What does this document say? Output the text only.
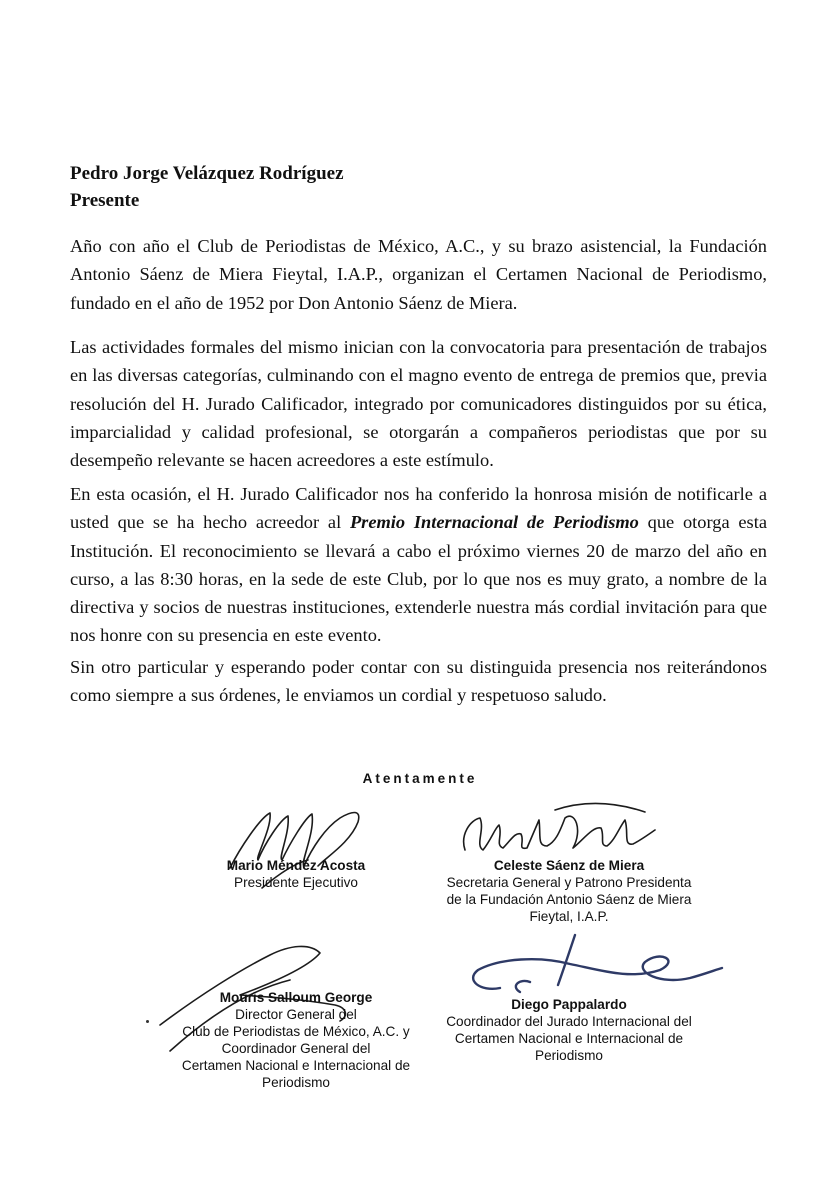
Pedro Jorge Velázquez Rodríguez
Presente

Año con año el Club de Periodistas de México, A.C., y su brazo asistencial, la Fundación Antonio Sáenz de Miera Fieytal, I.A.P., organizan el Certamen Nacional de Periodismo, fundado en el año de 1952 por Don Antonio Sáenz de Miera.

Las actividades formales del mismo inician con la convocatoria para presentación de trabajos en las diversas categorías, culminando con el magno evento de entrega de premios que, previa resolución del H. Jurado Calificador, integrado por comunicadores distinguidos por su ética, imparcialidad y calidad profesional, se otorgarán a compañeros periodistas que por su desempeño relevante se hacen acreedores a este estímulo.

En esta ocasión, el H. Jurado Calificador nos ha conferido la honrosa misión de notificarle a usted que se ha hecho acreedor al Premio Internacional de Periodismo que otorga esta Institución. El reconocimiento se llevará a cabo el próximo viernes 20 de marzo del año en curso, a las 8:30 horas, en la sede de este Club, por lo que nos es muy grato, a nombre de la directiva y socios de nuestras instituciones, extenderle nuestra más cordial invitación para que nos honre con su presencia en este evento.

Sin otro particular y esperando poder contar con su distinguida presencia nos reiterándonos como siempre a sus órdenes, le enviamos un cordial y respetuoso saludo.

Atentamente
Mario Méndez Acosta
Presidente Ejecutivo
Celeste Sáenz de Miera
Secretaria General y Patrono Presidenta
de la Fundación Antonio Sáenz de Miera
Fieytal, I.A.P.
Mouris Salloum George
Director General del
Club de Periodistas de México, A.C. y
Coordinador General del
Certamen Nacional e Internacional de
Periodismo
Diego Pappalardo
Coordinador del Jurado Internacional del
Certamen Nacional e Internacional de
Periodismo
